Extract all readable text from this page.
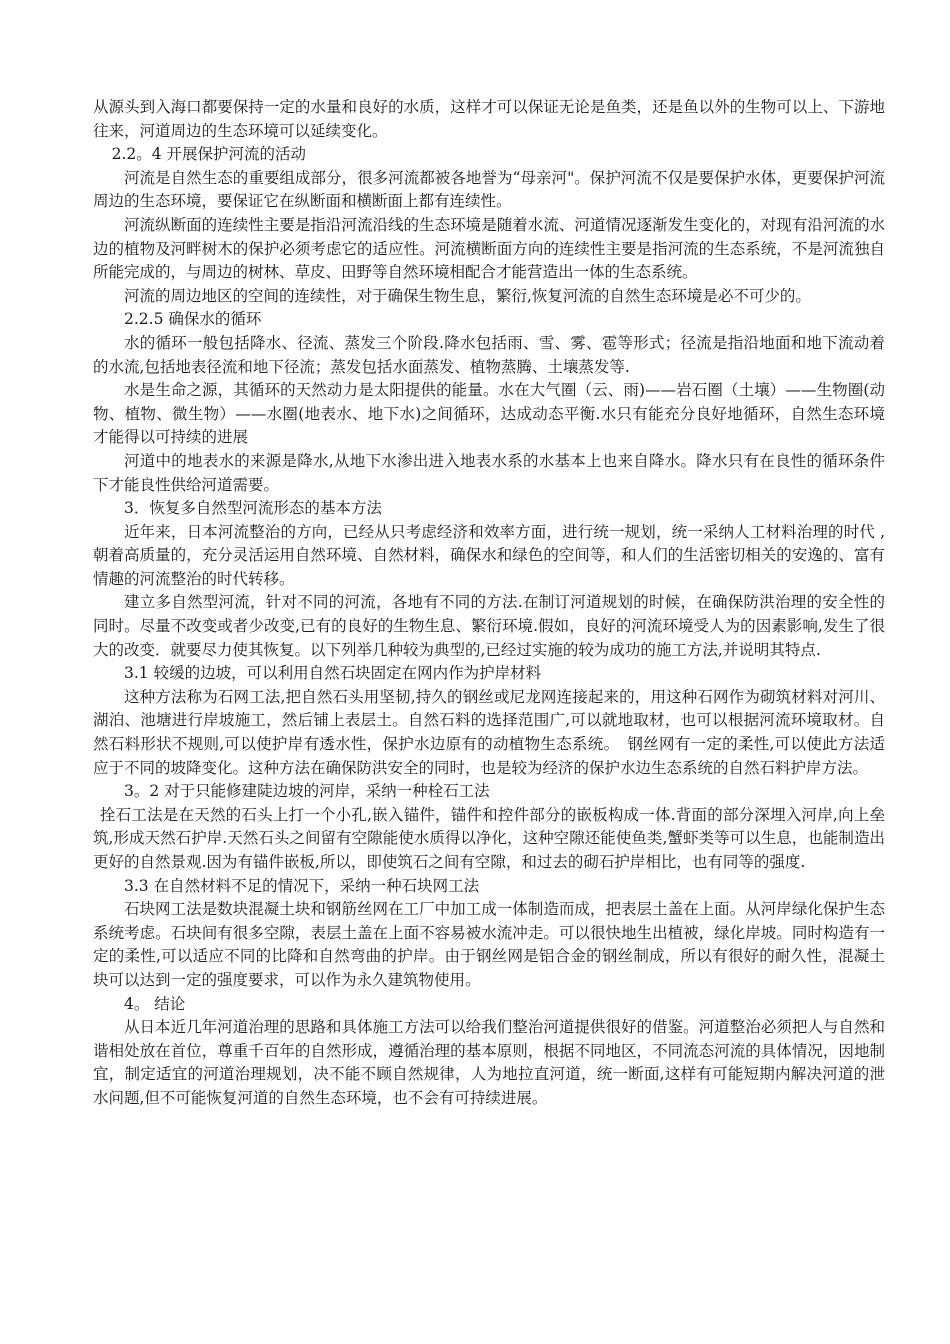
从源头到入海口都要保持一定的水量和良好的水质，这样才可以保证无论是鱼类，还是鱼以外的生物可以上、下游地往来，河道周边的生态环境可以延续变化。

2.2。4 开展保护河流的活动

河流是自然生态的重要组成部分，很多河流都被各地誉为“母亲河"。保护河流不仅是要保护水体，更要保护河流周边的生态环境，要保证它在纵断面和横断面上都有连续性。

河流纵断面的连续性主要是指沿河流沿线的生态环境是随着水流、河道情况逐渐发生变化的，对现有沿河流的水边的植物及河畔树木的保护必须考虑它的适应性。河流横断面方向的连续性主要是指河流的生态系统，不是河流独自所能完成的，与周边的树林、草皮、田野等自然环境相配合才能营造出一体的生态系统。

河流的周边地区的空间的连续性，对于确保生物生息，繁衍,恢复河流的自然生态环境是必不可少的。

2.2.5 确保水的循环

水的循环一般包括降水、径流、蒸发三个阶段.降水包括雨、雪、雾、雹等形式；径流是指沿地面和地下流动着的水流,包括地表径流和地下径流；蒸发包括水面蒸发、植物蒸腾、土壤蒸发等.

水是生命之源，其循环的天然动力是太阳提供的能量。水在大气圈（云、雨)——岩石圈（土壤）——生物圈(动物、植物、微生物）——水圈(地表水、地下水)之间循环，达成动态平衡.水只有能充分良好地循环，自然生态环境才能得以可持续的进展

河道中的地表水的来源是降水,从地下水渗出进入地表水系的水基本上也来自降水。降水只有在良性的循环条件下才能良性供给河道需要。

3．恢复多自然型河流形态的基本方法

近年来，日本河流整治的方向，已经从只考虑经济和效率方面，进行统一规划，统一采纳人工材料治理的时代 ,朝着高质量的，充分灵活运用自然环境、自然材料，确保水和绿色的空间等，和人们的生活密切相关的安逸的、富有情趣的河流整治的时代转移。

建立多自然型河流，针对不同的河流，各地有不同的方法.在制订河道规划的时候，在确保防洪治理的安全性的同时。尽量不改变或者少改变,已有的良好的生物生息、繁衍环境.假如，良好的河流环境受人为的因素影响,发生了很大的改变．就要尽力使其恢复。以下列举几种较为典型的,已经过实施的较为成功的施工方法,并说明其特点.

3.1 较缓的边坡，可以利用自然石块固定在网内作为护岸材料

这种方法称为石网工法,把自然石头用坚韧,持久的钢丝或尼龙网连接起来的，用这种石网作为砌筑材料对河川、湖泊、池塘进行岸坡施工，然后铺上表层土。自然石料的选择范围广,可以就地取材，也可以根据河流环境取材。自然石料形状不规则,可以使护岸有透水性，保护水边原有的动植物生态系统。　钢丝网有一定的柔性,可以使此方法适应于不同的坡降变化。这种方法在确保防洪安全的同时，也是较为经济的保护水边生态系统的自然石料护岸方法。

3。2 对于只能修建陡边坡的河岸，采纳一种栓石工法

拴石工法是在天然的石头上打一个小孔,嵌入锚件，锚件和控件部分的嵌板构成一体.背面的部分深埋入河岸,向上垒筑,形成天然石护岸.天然石头之间留有空隙能使水质得以净化，这种空隙还能使鱼类,蟹虾类等可以生息，也能制造出更好的自然景观.因为有锚件嵌板,所以，即使筑石之间有空隙，和过去的砌石护岸相比，也有同等的强度.

3.3 在自然材料不足的情况下，采纳一种石块网工法

石块网工法是数块混凝土块和钢筋丝网在工厂中加工成一体制造而成，把表层土盖在上面。从河岸绿化保护生态系统考虑。石块间有很多空隙，表层土盖在上面不容易被水流冲走。可以很快地生出植被，绿化岸坡。同时构造有一定的柔性,可以适应不同的比降和自然弯曲的护岸。由于钢丝网是铝合金的钢丝制成，所以有很好的耐久性，混凝土块可以达到一定的强度要求，可以作为永久建筑物使用。

4。 结论

从日本近几年河道治理的思路和具体施工方法可以给我们整治河道提供很好的借鉴。河道整治必须把人与自然和谐相处放在首位，尊重千百年的自然形成，遵循治理的基本原则，根据不同地区，不同流态河流的具体情况，因地制宜，制定适宜的河道治理规划，决不能不顾自然规律，人为地拉直河道，统一断面,这样有可能短期内解决河道的泄水问题,但不可能恢复河道的自然生态环境，也不会有可持续进展。
